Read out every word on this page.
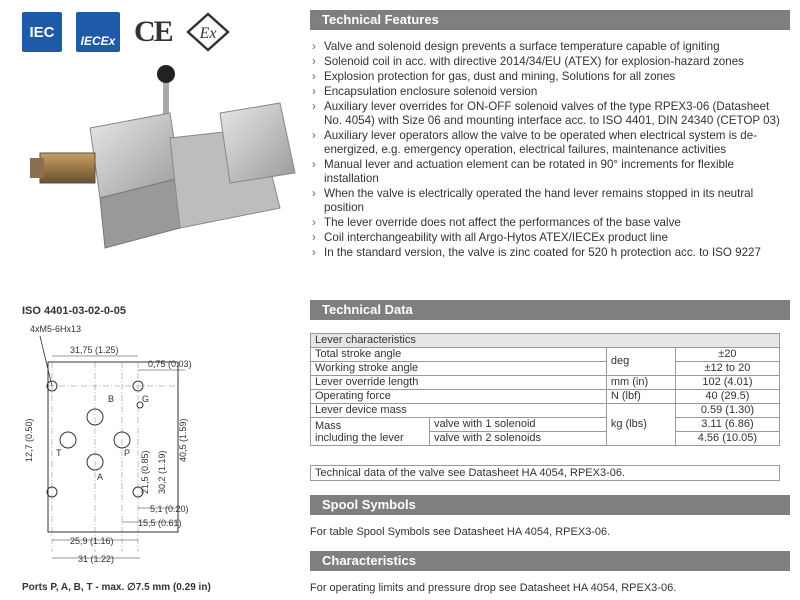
IEC
IECEx CE Ex
ISO 4401-03-02-0-05
4xM5-6Hx13
31,75 (1.25)
0,75 (0.03)
B	G
T	P
A
12,7 (0.50)	40,5 (1.59)
30,2 (1.19)
21,5 (0.85)
5,1 (0.20)
15,5 (0.61)
25,9 (1.16)
31 (1.22)
Ports P, A, B, T - max. ∅7.5 mm (0.29 in)
Technical Features
› Valve and solenoid design prevents a surface temperature capable of igniting
› Solenoid coil in acc. with directive 2014/34/EU (ATEX) for explosion-hazard zones
› Explosion protection for gas, dust and mining, Solutions for all zones
› Encapsulation enclosure solenoid version
› Auxiliary lever overrides for ON-OFF solenoid valves of the type RPEX3-06 (Datasheet No. 4054) with Size 06 and mounting interface acc. to ISO 4401, DIN 24340 (CETOP 03)
› Auxiliary lever operators allow the valve to be operated when electrical system is de-energized, e.g. emergency operation, electrical failures, maintenance activities
› Manual lever and actuation element can be rotated in 90° increments for flexible installation
› When the valve is electrically operated the hand lever remains stopped in its neutral position
› The lever override does not affect the performances of the base valve
› Coil interchangeability with all Argo-Hytos ATEX/IECEx product line
› In the standard version, the valve is zinc coated for 520 h protection acc. to ISO 9227
Technical Data
Lever characteristics			
Total stroke angle		deg	±20
Working stroke angle			±12 to 20
Lever override length		mm (in)	102 (4.01)
Operating force		N (lbf)	40 (29.5)
Lever device mass		kg (lbs)	0.59 (1.30)
Mass
including the lever	valve with 1 solenoid		3.11 (6.86)
	valve with 2 solenoids		4.56 (10.05)
Technical data of the valve see Datasheet HA 4054, RPEX3-06.
Spool Symbols
For table Spool Symbols see Datasheet HA 4054, RPEX3-06.
Characteristics
For operating limits and pressure drop see Datasheet HA 4054, RPEX3-06.
